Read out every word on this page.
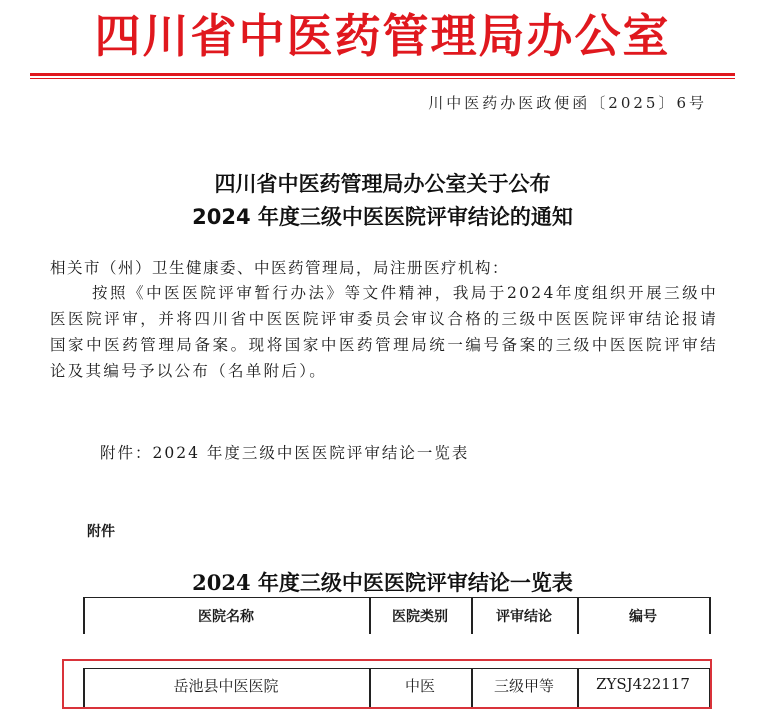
四川省中医药管理局办公室
川中医药办医政便函〔2025〕6号
四川省中医药管理局办公室关于公布
2024 年度三级中医医院评审结论的通知
相关市（州）卫生健康委、中医药管理局，局注册医疗机构：
按照《中医医院评审暂行办法》等文件精神，我局于2024年度组织开展三级中医医院评审，并将四川省中医医院评审委员会审议合格的三级中医医院评审结论报请国家中医药管理局备案。现将国家中医药管理局统一编号备案的三级中医医院评审结论及其编号予以公布（名单附后）。
附件：2024 年度三级中医医院评审结论一览表
附件
2024 年度三级中医医院评审结论一览表
医院名称	医院类别	评审结论	编号
岳池县中医医院	中医	三级甲等	ZYSJ422117
